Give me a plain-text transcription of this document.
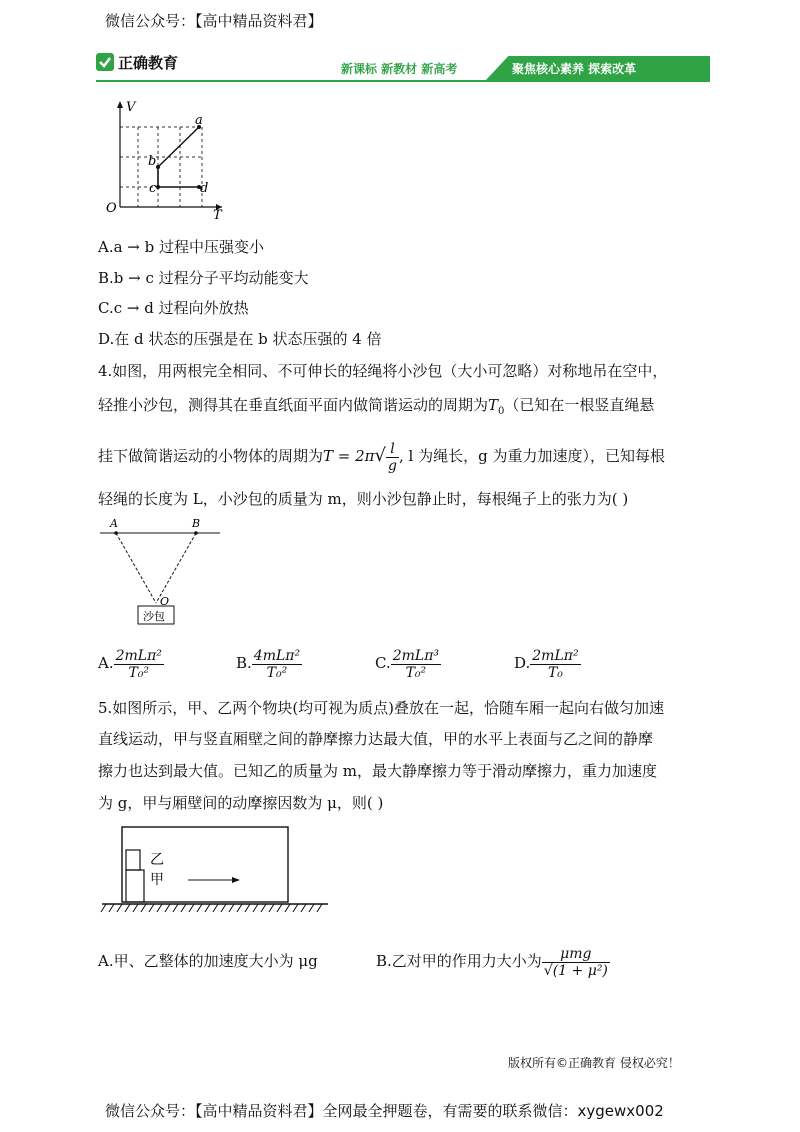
微信公众号：【高中精品资料君】
正确教育	新课标 新教材 新高考	聚焦核心素养 探索改革
V
T
O
a
b
c	d
A.a → b 过程中压强变小
B.b → c 过程分子平均动能变大
C.c → d 过程向外放热
D.在 d 状态的压强是在 b 状态压强的 4 倍
4.如图，用两根完全相同、不可伸长的轻绳将小沙包（大小可忽略）对称地吊在空中，
轻推小沙包，测得其在垂直纸面平面内做简谐运动的周期为$T_0$（已知在一根竖直绳悬
挂下做简谐运动的小物体的周期为$T = 2\pi√ \frac{l}{g}$ , l 为绳长，g 为重力加速度），已知每根
轻绳的长度为 L，小沙包的质量为 m，则小沙包静止时，每根绳子上的张力为( )
A	B
O
沙包
A. $\frac{\text{2mLπ²}}{\text{T₀²}}$	B. $\frac{\text{4mLπ²}}{\text{T₀²}}$	C. $\frac{\text{2mLπ³}}{\text{T₀²}}$	D. $\frac{\text{2mLπ²}}{\text{T₀}}$
5.如图所示，甲、乙两个物块(均可视为质点)叠放在一起，恰随车厢一起向右做匀加速
直线运动，甲与竖直厢壁之间的静摩擦力达最大值，甲的水平上表面与乙之间的静摩
擦力也达到最大值。已知乙的质量为 m，最大静摩擦力等于滑动摩擦力，重力加速度
为 g，甲与厢壁间的动摩擦因数为 μ，则( )
乙
甲
A.甲、乙整体的加速度大小为 μg	B.乙对甲的作用力大小为 $\frac{\text{μmg}}{\text{√(1 + μ²)}}$
版权所有©正确教育 侵权必究！
微信公众号：【高中精品资料君】全网最全押题卷，有需要的联系微信：xygewx002
